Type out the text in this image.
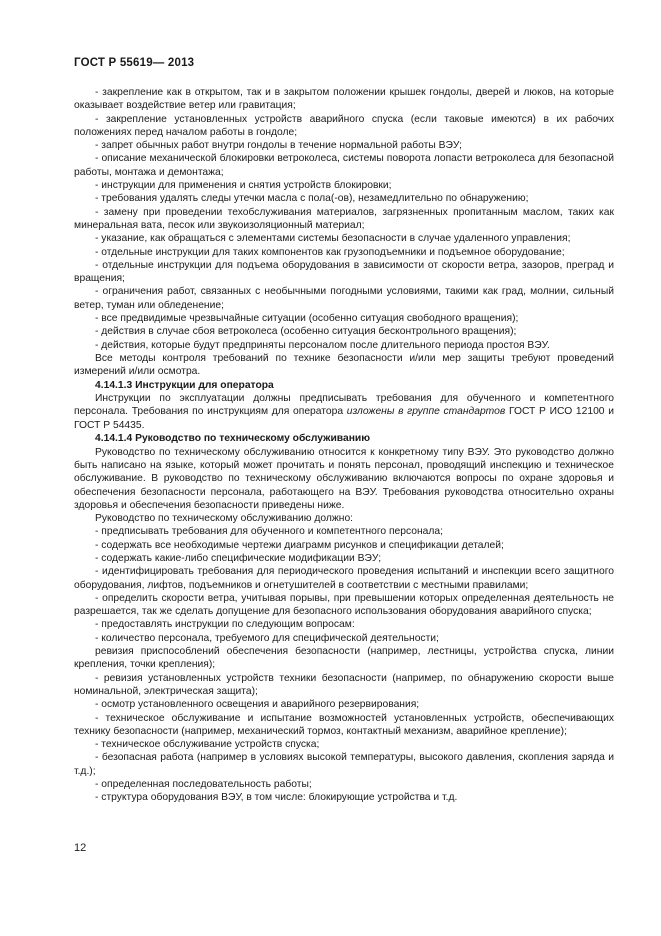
ГОСТ Р 55619— 2013

- закрепление как в открытом, так и в закрытом положении крышек гондолы, дверей и люков, на которые оказывает воздействие ветер или гравитация;

- закрепление установленных устройств аварийного спуска (если таковые имеются) в их рабочих положениях перед началом работы в гондоле;

- запрет обычных работ внутри гондолы в течение нормальной работы ВЭУ;

- описание механической блокировки ветроколеса, системы поворота лопасти ветроколеса для безопасной работы, монтажа и демонтажа;

- инструкции для применения и снятия устройств блокировки;

- требования удалять следы утечки масла с пола(-ов), незамедлительно по обнаружению;

- замену при проведении техобслуживания материалов, загрязненных пропитанным маслом, таких как минеральная вата, песок или звукоизоляционный материал;

- указание, как обращаться с элементами системы безопасности в случае удаленного управления;

- отдельные инструкции для таких компонентов как грузоподъемники и подъемное оборудование;

- отдельные инструкции для подъема оборудования в зависимости от скорости ветра, зазоров, преград и вращения;

- ограничения работ, связанных с необычными погодными условиями, такими как град, молнии, сильный ветер, туман или обледенение;

- все предвидимые чрезвычайные ситуации (особенно ситуация свободного вращения);

- действия в случае сбоя ветроколеса (особенно ситуация бесконтрольного вращения);

- действия, которые будут предприняты персоналом после длительного периода простоя ВЭУ.

Все методы контроля требований по технике безопасности и/или мер защиты требуют проведений измерений и/или осмотра.

4.14.1.3 Инструкции для оператора

Инструкции по эксплуатации должны предписывать требования для обученного и компетентного персонала. Требования по инструкциям для оператора изложены в группе стандартов ГОСТ Р ИСО 12100 и ГОСТ Р 54435.

4.14.1.4 Руководство по техническому обслуживанию

Руководство по техническому обслуживанию относится к конкретному типу ВЭУ. Это руководство должно быть написано на языке, который может прочитать и понять персонал, проводящий инспекцию и техническое обслуживание. В руководство по техническому обслуживанию включаются вопросы по охране здоровья и обеспечения безопасности персонала, работающего на ВЭУ. Требования руководства относительно охраны здоровья и обеспечения безопасности приведены ниже.

Руководство по техническому обслуживанию должно:

- предписывать требования для обученного и компетентного персонала;

- содержать все необходимые чертежи диаграмм рисунков и спецификации деталей;

- содержать какие-либо специфические модификации ВЭУ;

- идентифицировать требования для периодического проведения испытаний и инспекции всего защитного оборудования, лифтов, подъемников и огнетушителей в соответствии с местными правилами;

- определить скорости ветра, учитывая порывы, при превышении которых определенная деятельность не разрешается, так же сделать допущение для безопасного использования оборудования аварийного спуска;

- предоставлять инструкции по следующим вопросам:

- количество персонала, требуемого для специфической деятельности;

ревизия приспособлений обеспечения безопасности (например, лестницы, устройства спуска, линии крепления, точки крепления);

- ревизия установленных устройств техники безопасности (например, по обнаружению скорости выше номинальной, электрическая защита);

- осмотр установленного освещения и аварийного резервирования;

- техническое обслуживание и испытание возможностей установленных устройств, обеспечивающих технику безопасности (например, механический тормоз, контактный механизм, аварийное крепление);

- техническое обслуживание устройств спуска;

- безопасная работа (например в условиях высокой температуры, высокого давления, скопления заряда и т.д.);

- определенная последовательность работы;

- структура оборудования ВЭУ, в том числе: блокирующие устройства и т.д.

12
